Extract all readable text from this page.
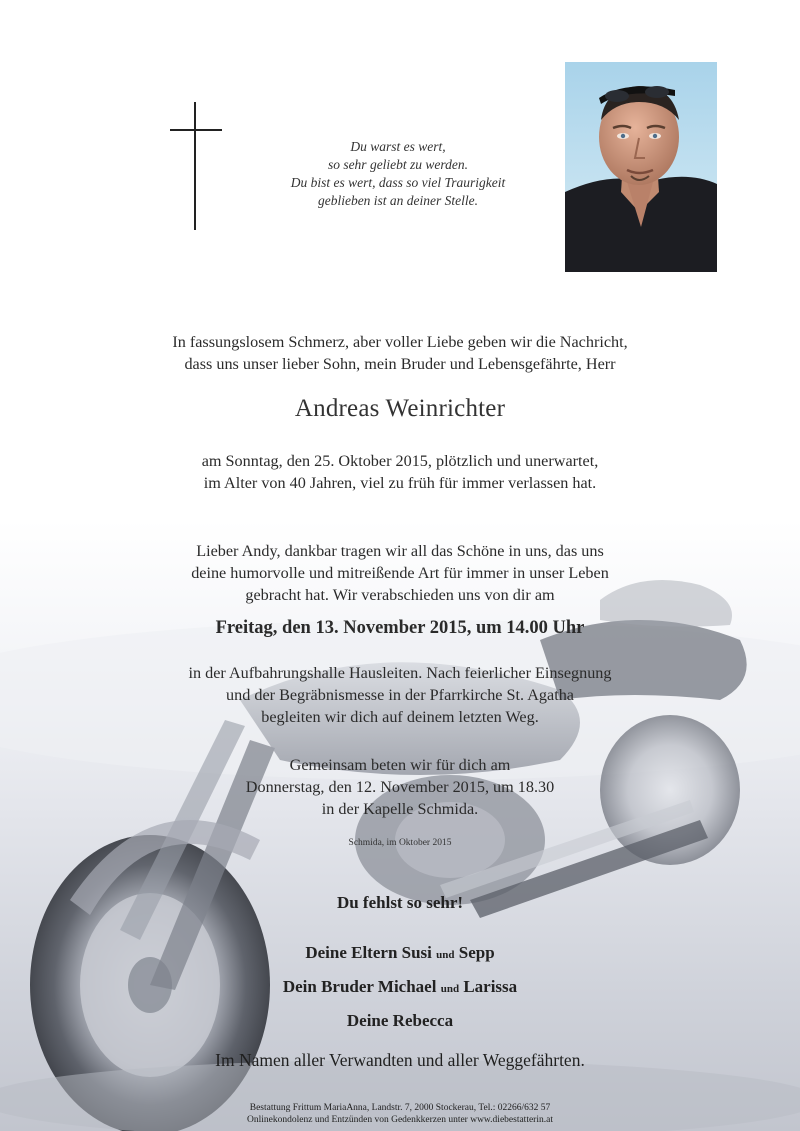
Du warst es wert,
so sehr geliebt zu werden.
Du bist es wert, dass so viel Traurigkeit
geblieben ist an deiner Stelle.
In fassungslosem Schmerz, aber voller Liebe geben wir die Nachricht,
dass uns unser lieber Sohn, mein Bruder und Lebensgefährte, Herr
Andreas Weinrichter
am Sonntag, den 25. Oktober 2015, plötzlich und unerwartet,
im Alter von 40 Jahren, viel zu früh für immer verlassen hat.
Lieber Andy, dankbar tragen wir all das Schöne in uns, das uns
deine humorvolle und mitreißende Art für immer in unser Leben
gebracht hat. Wir verabschieden uns von dir am
Freitag, den 13. November 2015, um 14.00 Uhr
in der Aufbahrungshalle Hausleiten. Nach feierlicher Einsegnung
und der Begräbnismesse in der Pfarrkirche St. Agatha
begleiten wir dich auf deinem letzten Weg.
Gemeinsam beten wir für dich am
Donnerstag, den 12. November 2015, um 18.30
in der Kapelle Schmida.
Schmida, im Oktober 2015
Du fehlst so sehr!
Deine Eltern Susi und Sepp
Dein Bruder Michael und Larissa
Deine Rebecca
Im Namen aller Verwandten und aller Weggefährten.
Bestattung Frittum MariaAnna, Landstr. 7, 2000 Stockerau, Tel.: 02266/632 57
Onlinekondolenz und Entzünden von Gedenkkerzen unter www.diebestatterin.at
